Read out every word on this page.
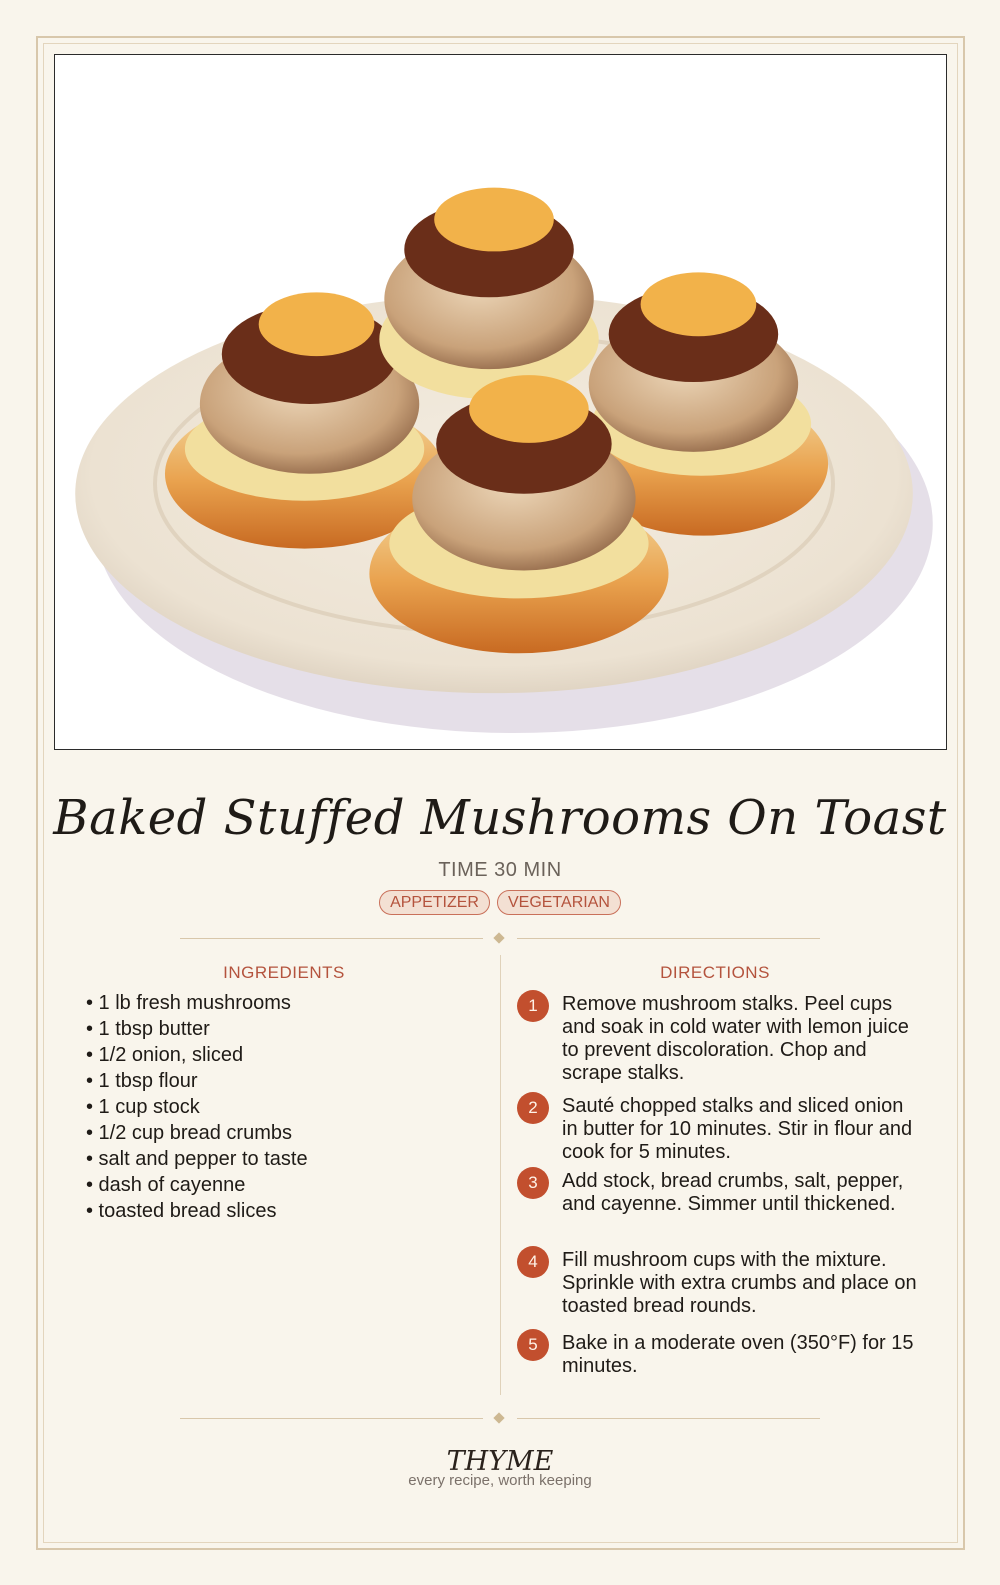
Baked Stuffed Mushrooms On Toast
TIME 30 MIN
APPETIZER	VEGETARIAN
INGREDIENTS
• 1 lb fresh mushrooms
• 1 tbsp butter
• 1/2 onion, sliced
• 1 tbsp flour
• 1 cup stock
• 1/2 cup bread crumbs
• salt and pepper to taste
• dash of cayenne
• toasted bread slices
DIRECTIONS
1	Remove mushroom stalks. Peel cups and soak in cold water with lemon juice to prevent discoloration. Chop and scrape stalks.
2	Sauté chopped stalks and sliced onion in butter for 10 minutes. Stir in flour and cook for 5 minutes.
3	Add stock, bread crumbs, salt, pepper, and cayenne. Simmer until thickened.
4	Fill mushroom cups with the mixture. Sprinkle with extra crumbs and place on toasted bread rounds.
5	Bake in a moderate oven (350°F) for 15 minutes.
THYME
every recipe, worth keeping
